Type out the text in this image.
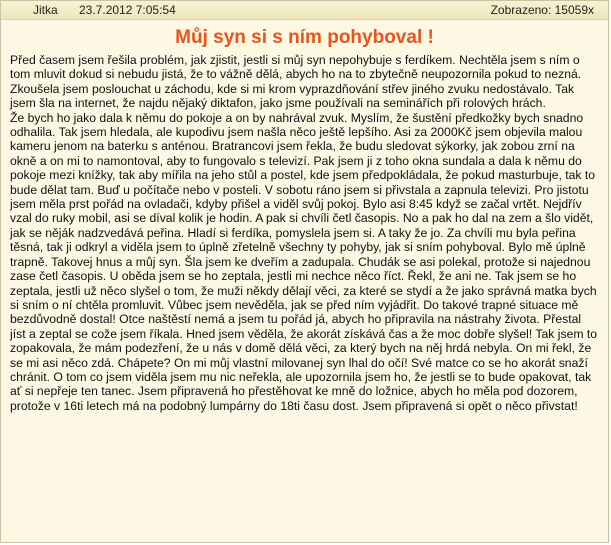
Jitka 23.7.2012 7:05:54	Zobrazeno: 15059x
Můj syn si s ním pohyboval !
Před časem jsem řešila problém, jak zjistit, jestli si můj syn nepohybuje s ferdíkem. Nechtěla jsem s ním o tom mluvit dokud si nebudu jistá, že to vážně dělá, abych ho na to zbytečně neupozornila pokud to nezná. Zkoušela jsem poslouchat u záchodu, kde si mi krom vyprazdňování střev jiného zvuku nedostávalo. Tak jsem šla na internet, že najdu nějaký diktafon, jako jsme používali na seminářích při rolových hrách.
Že bych ho jako dala k němu do pokoje a on by nahrával zvuk. Myslím, že šustění předkožky bych snadno odhalila. Tak jsem hledala, ale kupodivu jsem našla něco ještě lepšího. Asi za 2000Kč jsem objevila malou kameru jenom na baterku s anténou. Bratrancovi jsem řekla, že budu sledovat sýkorky, jak zobou zrní na okně a on mi to namontoval, aby to fungovalo s televizí. Pak jsem ji z toho okna sundala a dala k němu do pokoje mezi knížky, tak aby mířila na jeho stůl a postel, kde jsem předpokládala, že pokud masturbuje, tak to bude dělat tam. Buď u počítače nebo v posteli. V sobotu ráno jsem si přivstala a zapnula televizi. Pro jistotu jsem měla prst pořád na ovladači, kdyby přišel a viděl svůj pokoj. Bylo asi 8:45 když se začal vrtět. Nejdřív vzal do ruky mobil, asi se díval kolik je hodin. A pak si chvíli četl časopis. No a pak ho dal na zem a šlo vidět, jak se něják nadzvedává peřina. Hladí si ferdíka, pomyslela jsem si. A taky že jo. Za chvíli mu byla peřina těsná, tak ji odkryl a viděla jsem to úplně zřetelně všechny ty pohyby, jak si sním pohyboval. Bylo mě úplně trapně. Takovej hnus a můj syn. Šla jsem ke dveřím a zadupala. Chudák se asi polekal, protože si najednou zase četl časopis. U oběda jsem se ho zeptala, jestli mi nechce něco říct. Řekl, že ani ne. Tak jsem se ho zeptala, jestli už něco slyšel o tom, že muži někdy dělají věci, za které se stydí a že jako správná matka bych si sním o ní chtěla promluvit. Vůbec jsem nevěděla, jak se před ním vyjádřit. Do takové trapné situace mě bezdůvodně dostal! Otce naštěstí nemá a jsem tu pořád já, abych ho připravila na nástrahy života. Přestal jíst a zeptal se cože jsem říkala. Hned jsem věděla, že akorát získává čas a že moc dobře slyšel! Tak jsem to zopakovala, že mám podezření, že u nás v domě dělá věci, za který bych na něj hrdá nebyla. On mi řekl, že se mi asi něco zdá. Chápete? On mi můj vlastní milovanej syn lhal do očí! Své matce co se ho akorát snaží chránit. O tom co jsem viděla jsem mu nic neřekla, ale upozornila jsem ho, že jestli se to bude opakovat, tak ať si nepřeje ten tanec. Jsem připravená ho přestěhovat ke mně do ložnice, abych ho měla pod dozorem, protože v 16ti letech má na podobný lumpárny do 18ti času dost. Jsem připravená si opět o něco přivstat!
